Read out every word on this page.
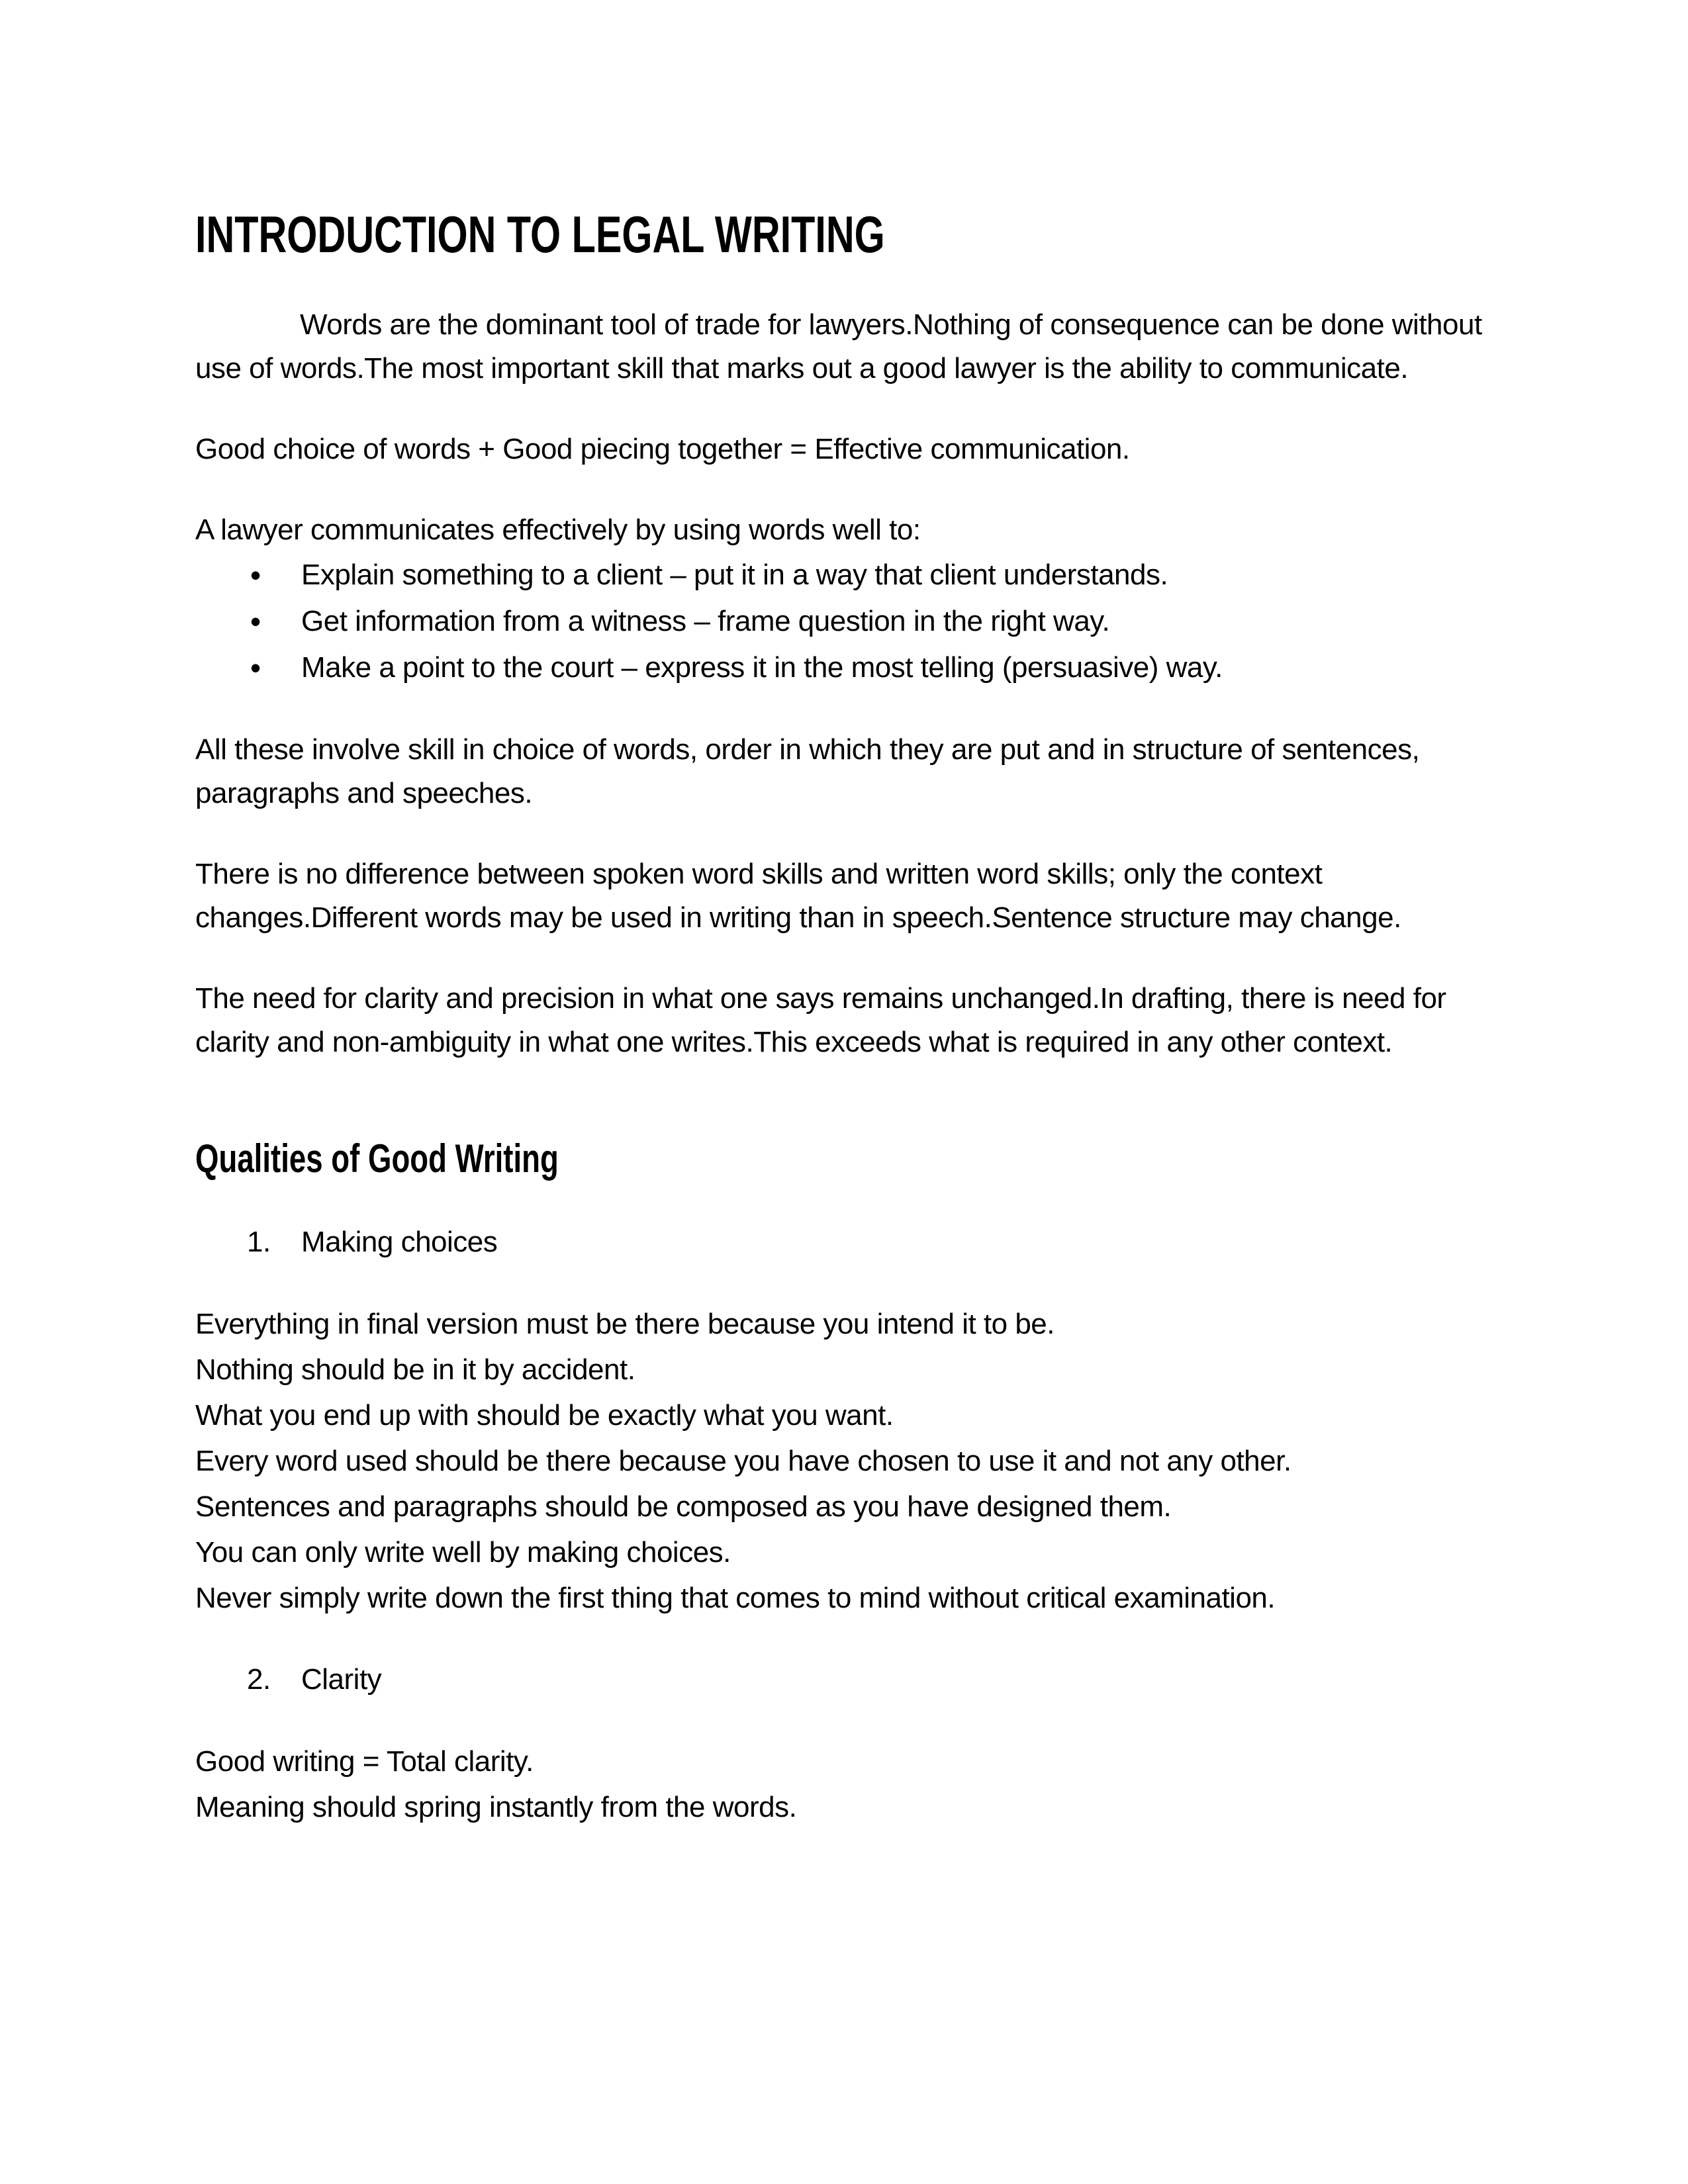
INTRODUCTION TO LEGAL WRITING

Words are the dominant tool of trade for lawyers.Nothing of consequence can be done without use of words.The most important skill that marks out a good lawyer is the ability to communicate.

Good choice of words + Good piecing together = Effective communication.

A lawyer communicates effectively by using words well to:

•	Explain something to a client – put it in a way that client understands.
•	Get information from a witness – frame question in the right way.
•	Make a point to the court – express it in the most telling (persuasive) way.

All these involve skill in choice of words, order in which they are put and in structure of sentences, paragraphs and speeches.

There is no difference between spoken word skills and written word skills; only the context changes.Different words may be used in writing than in speech.Sentence structure may change.

The need for clarity and precision in what one says remains unchanged.In drafting, there is need for clarity and non-ambiguity in what one writes.This exceeds what is required in any other context.

Qualities of Good Writing
1.	Making choices
Everything in final version must be there because you intend it to be.
Nothing should be in it by accident.
What you end up with should be exactly what you want.
Every word used should be there because you have chosen to use it and not any other.
Sentences and paragraphs should be composed as you have designed them.
You can only write well by making choices.
Never simply write down the first thing that comes to mind without critical examination.
2.	Clarity
Good writing = Total clarity.
Meaning should spring instantly from the words.
